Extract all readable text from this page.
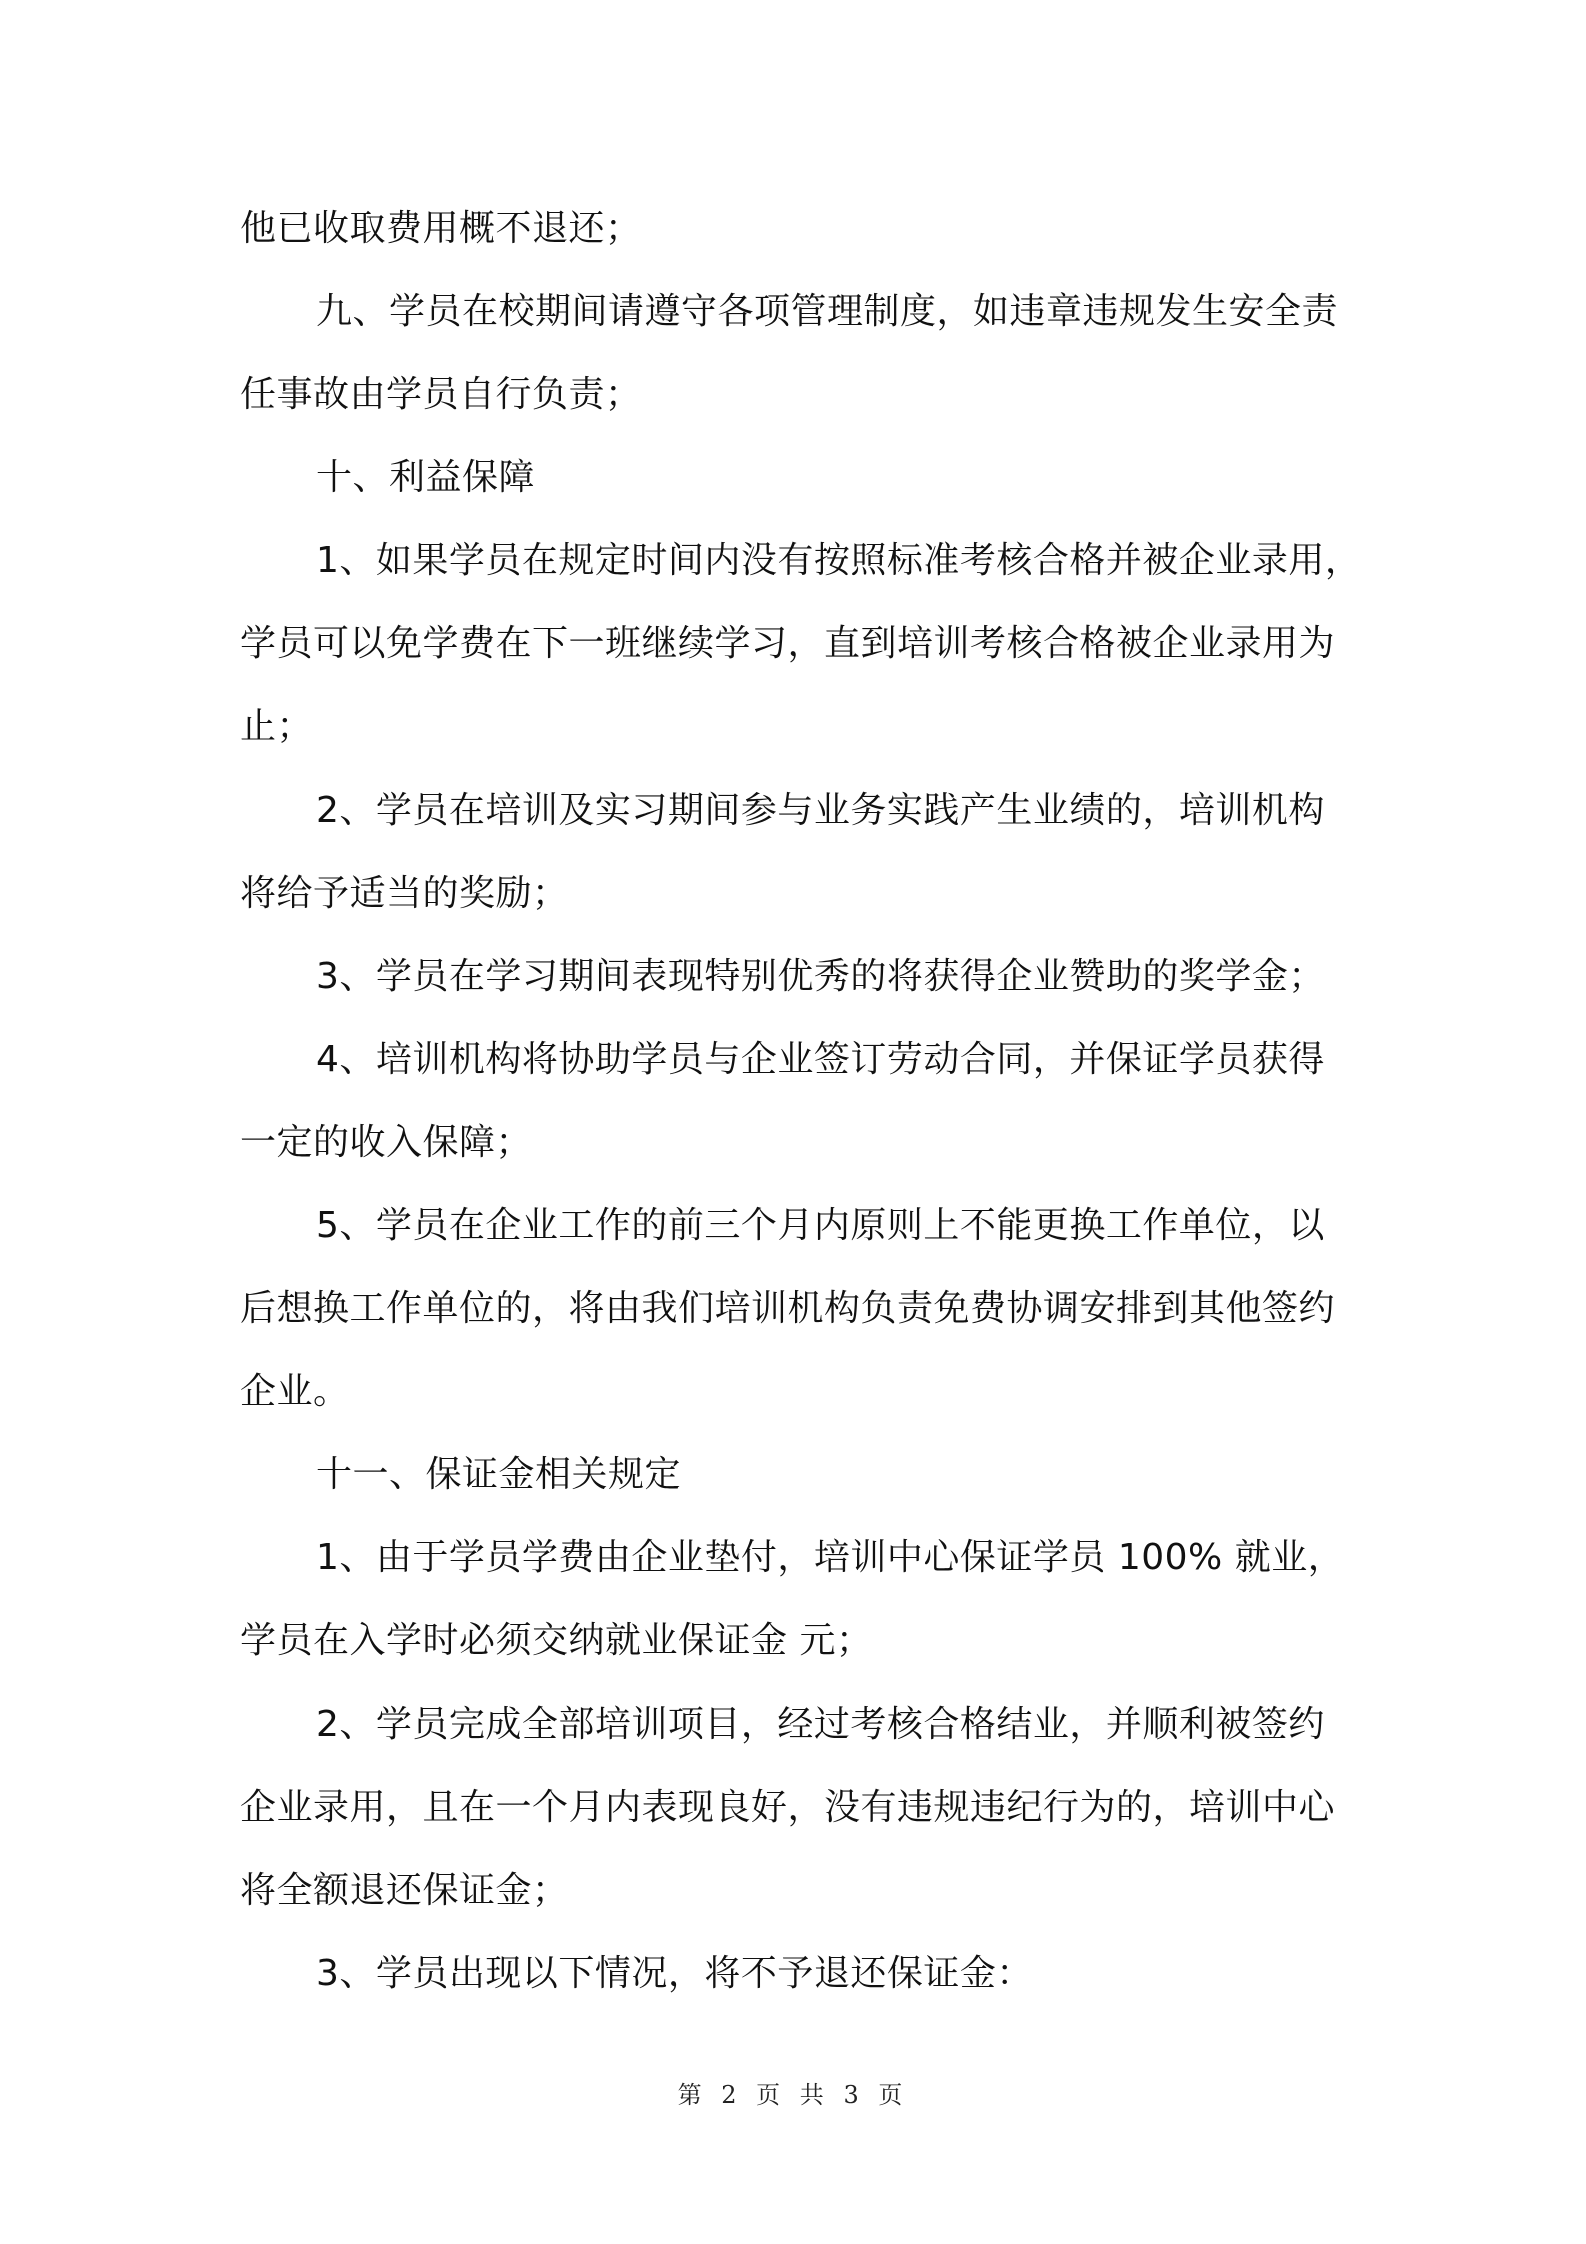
他已收取费用概不退还；

九、学员在校期间请遵守各项管理制度，如违章违规发生安全责

任事故由学员自行负责；

十、利益保障

1、如果学员在规定时间内没有按照标准考核合格并被企业录用，

学员可以免学费在下一班继续学习，直到培训考核合格被企业录用为

止；

2、学员在培训及实习期间参与业务实践产生业绩的，培训机构

将给予适当的奖励；

3、学员在学习期间表现特别优秀的将获得企业赞助的奖学金；

4、培训机构将协助学员与企业签订劳动合同，并保证学员获得

一定的收入保障；

5、学员在企业工作的前三个月内原则上不能更换工作单位，以

后想换工作单位的，将由我们培训机构负责免费协调安排到其他签约

企业。

十一、保证金相关规定

1、由于学员学费由企业垫付，培训中心保证学员 100% 就业，

学员在入学时必须交纳就业保证金 元；

2、学员完成全部培训项目，经过考核合格结业，并顺利被签约

企业录用，且在一个月内表现良好，没有违规违纪行为的，培训中心

将全额退还保证金；

3、学员出现以下情况，将不予退还保证金：

第 2 页 共 3 页
